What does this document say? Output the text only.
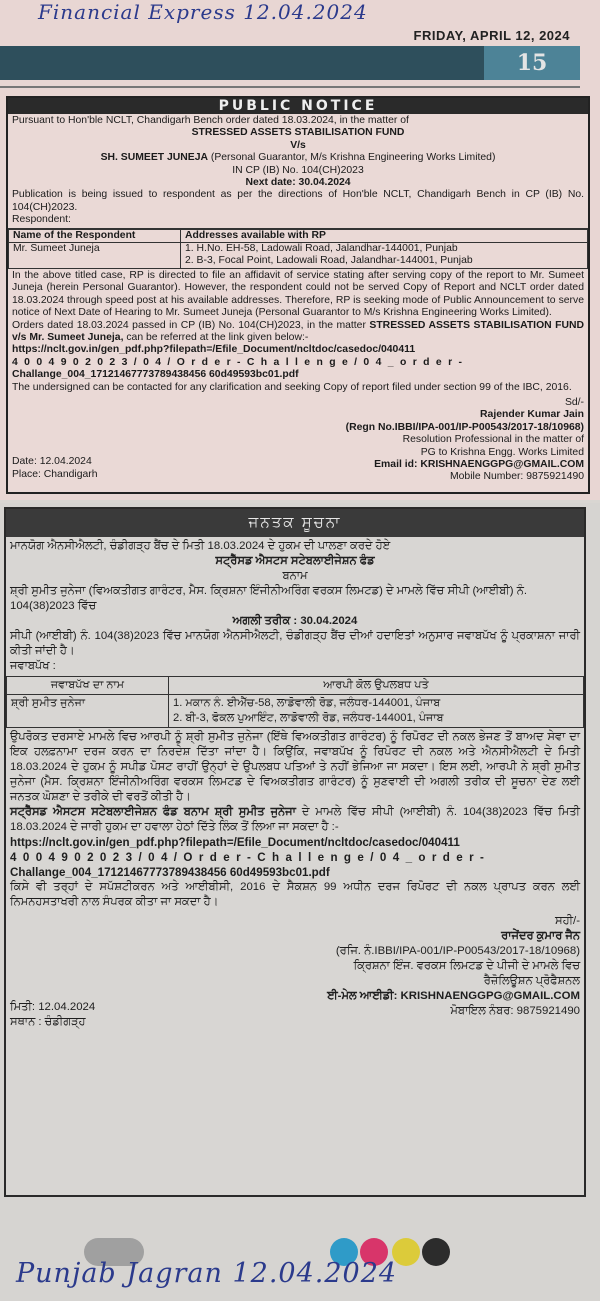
Financial Express 12.04.2024
FRIDAY, APRIL 12, 2024
15
PUBLIC NOTICE
Pursuant to Hon'ble NCLT, Chandigarh Bench order dated 18.03.2024, in the matter of
STRESSED ASSETS STABILISATION FUND
V/s
SH. SUMEET JUNEJA (Personal Guarantor, M/s Krishna Engineering Works Limited)
IN CP (IB) No. 104(CH)2023
Next date: 30.04.2024
Publication is being issued to respondent as per the directions of Hon'ble NCLT, Chandigarh Bench in CP (IB) No. 104(CH)2023.
Respondent:
Name of the Respondent	Addresses available with RP
Mr. Sumeet Juneja	1. H.No. EH-58, Ladowali Road, Jalandhar-144001, Punjab
2. B-3, Focal Point, Ladowali Road, Jalandhar-144001, Punjab
In the above titled case, RP is directed to file an affidavit of service stating after serving copy of the report to Mr. Sumeet Juneja (herein Personal Guarantor). However, the respondent could not be served Copy of Report and NCLT order dated 18.03.2024 through speed post at his available addresses. Therefore, RP is seeking mode of Public Announcement to serve notice of Next Date of Hearing to Mr. Sumeet Juneja (Personal Guarantor to M/s Krishna Engineering Works Limited).
Orders dated 18.03.2024 passed in CP (IB) No. 104(CH)2023, in the matter STRESSED ASSETS STABILISATION FUND v/s Mr. Sumeet Juneja, can be referred at the link given below:-
https://nclt.gov.in/gen_pdf.php?filepath=/Efile_Document/ncltdoc/casedoc/040411
4004902023/04/Order-Challenge/04_order-
Challange_004_17121467773789438456 60d49593bc01.pdf
The undersigned can be contacted for any clarification and seeking Copy of report filed under section 99 of the IBC, 2016.
Sd/-
Rajender Kumar Jain
(Regn No.IBBI/IPA-001/IP-P00543/2017-18/10968)
Resolution Professional in the matter of
PG to Krishna Engg. Works Limited
Email id: KRISHNAENGGPG@GMAIL.COM
Mobile Number: 9875921490
Date: 12.04.2024
Place: Chandigarh
ਜਨਤਕ ਸੂਚਨਾ
ਮਾਨਯੋਗ ਐਨਸੀਐਲਟੀ, ਚੰਡੀਗੜ੍ਹ ਬੈਂਚ ਦੇ ਮਿਤੀ 18.03.2024 ਦੇ ਹੁਕਮ ਦੀ ਪਾਲਣਾ ਕਰਦੇ ਹੋਏ
ਸਟ੍ਰੈੱਸਡ ਐਸਟਸ ਸਟੇਬਲਾਈਜੇਸ਼ਨ ਫੰਡ
ਬਨਾਮ
ਸ਼੍ਰੀ ਸੁਮੀਤ ਜੁਨੇਜਾ (ਵਿਅਕਤੀਗਤ ਗਾਰੰਟਰ, ਮੈਸ. ਕ੍ਰਿਸ਼ਨਾ ਇੰਜੀਨੀਅਰਿੰਗ ਵਰਕਸ ਲਿਮਟਡ) ਦੇ ਮਾਮਲੇ ਵਿੱਚ ਸੀਪੀ (ਆਈਬੀ) ਨੰ. 104(38)2023 ਵਿੱਚ
ਅਗਲੀ ਤਰੀਕ : 30.04.2024
ਸੀਪੀ (ਆਈਬੀ) ਨੰ. 104(38)2023 ਵਿੱਚ ਮਾਨਯੋਗ ਐਨਸੀਐਲਟੀ, ਚੰਡੀਗੜ੍ਹ ਬੈਂਚ ਦੀਆਂ ਹਦਾਇਤਾਂ ਅਨੁਸਾਰ ਜਵਾਬਪੱਖ ਨੂੰ ਪ੍ਰਕਾਸ਼ਨਾ ਜਾਰੀ ਕੀਤੀ ਜਾਂਦੀ ਹੈ।
ਜਵਾਬਪੱਖ :
ਜਵਾਬਪੱਖ ਦਾ ਨਾਮ	ਆਰਪੀ ਕੋਲ ਉਪਲਬਧ ਪਤੇ
ਸ਼੍ਰੀ ਸੁਮੀਤ ਜੁਨੇਜਾ	1. ਮਕਾਨ ਨੰ. ਈਐੱਚ-58, ਲਾਡੋਵਾਲੀ ਰੋਡ, ਜਲੰਧਰ-144001, ਪੰਜਾਬ
2. ਬੀ-3, ਫੋਕਲ ਪੁਆਇੰਟ, ਲਾਡੋਵਾਲੀ ਰੋਡ, ਜਲੰਧਰ-144001, ਪੰਜਾਬ
ਉਪਰੋਕਤ ਦਰਸਾਏ ਮਾਮਲੇ ਵਿਚ ਆਰਪੀ ਨੂੰ ਸ਼੍ਰੀ ਸੁਮੀਤ ਜੁਨੇਜਾ (ਇੱਥੇ ਵਿਅਕਤੀਗਤ ਗਾਰੰਟਰ) ਨੂੰ ਰਿਪੋਰਟ ਦੀ ਨਕਲ ਭੇਜਣ ਤੋਂ ਬਾਅਦ ਸੇਵਾ ਦਾ ਇਕ ਹਲਫ਼ਨਾਮਾ ਦਰਜ ਕਰਨ ਦਾ ਨਿਰਦੇਸ਼ ਦਿੱਤਾ ਜਾਂਦਾ ਹੈ। ਕਿਉਂਕਿ, ਜਵਾਬਪੱਖ ਨੂੰ ਰਿਪੋਰਟ ਦੀ ਨਕਲ ਅਤੇ ਐਨਸੀਐਲਟੀ ਦੇ ਮਿਤੀ 18.03.2024 ਦੇ ਹੁਕਮ ਨੂੰ ਸਪੀਡ ਪੋਸਟ ਰਾਹੀਂ ਉਨ੍ਹਾਂ ਦੇ ਉਪਲਬਧ ਪਤਿਆਂ ਤੇ ਨਹੀਂ ਭੇਜਿਆ ਜਾ ਸਕਦਾ। ਇਸ ਲਈ, ਆਰਪੀ ਨੇ ਸ਼੍ਰੀ ਸੁਮੀਤ ਜੁਨੇਜਾ (ਮੈਸ. ਕ੍ਰਿਸ਼ਨਾ ਇੰਜੀਨੀਅਰਿੰਗ ਵਰਕਸ ਲਿਮਟਡ ਦੇ ਵਿਅਕਤੀਗਤ ਗਾਰੰਟਰ) ਨੂੰ ਸੁਣਵਾਈ ਦੀ ਅਗਲੀ ਤਰੀਕ ਦੀ ਸੂਚਨਾ ਦੇਣ ਲਈ ਜਨਤਕ ਘੋਸ਼ਣਾ ਦੇ ਤਰੀਕੇ ਦੀ ਵਰਤੋਂ ਕੀਤੀ ਹੈ।
ਸਟ੍ਰੈੱਸਡ ਐਸਟਸ ਸਟੇਬਲਾਈਜੇਸ਼ਨ ਫੰਡ ਬਨਾਮ ਸ਼੍ਰੀ ਸੁਮੀਤ ਜੁਨੇਜਾ ਦੇ ਮਾਮਲੇ ਵਿੱਚ ਸੀਪੀ (ਆਈਬੀ) ਨੰ. 104(38)2023 ਵਿੱਚ ਮਿਤੀ 18.03.2024 ਦੇ ਜਾਰੀ ਹੁਕਮ ਦਾ ਹਵਾਲਾ ਹੇਠਾਂ ਦਿੱਤੇ ਲਿੰਕ ਤੋਂ ਲਿਆ ਜਾ ਸਕਦਾ ਹੈ :-
https://nclt.gov.in/gen_pdf.php?filepath=/Efile_Document/ncltdoc/casedoc/040411
4004902023/04/Order-Challenge/04_order-
Challange_004_17121467773789438456 60d49593bc01.pdf
ਕਿਸੇ ਵੀ ਤਰ੍ਹਾਂ ਦੇ ਸਪੱਸ਼ਟੀਕਰਨ ਅਤੇ ਆਈਬੀਸੀ, 2016 ਦੇ ਸੈਕਸ਼ਨ 99 ਅਧੀਨ ਦਰਜ ਰਿਪੋਰਟ ਦੀ ਨਕਲ ਪ੍ਰਾਪਤ ਕਰਨ ਲਈ ਨਿਮਨਹਸਤਾਖਰੀ ਨਾਲ ਸੰਪਰਕ ਕੀਤਾ ਜਾ ਸਕਦਾ ਹੈ।
ਸਹੀ/-
ਰਾਜੇਂਦਰ ਕੁਮਾਰ ਜੈਨ
(ਰਜਿ. ਨੰ.IBBI/IPA-001/IP-P00543/2017-18/10968)
ਕ੍ਰਿਸ਼ਨਾ ਇੰਜ. ਵਰਕਸ ਲਿਮਟਡ ਦੇ ਪੀਜੀ ਦੇ ਮਾਮਲੇ ਵਿਚ
ਰੈਜ਼ੋਲਿਊਸ਼ਨ ਪ੍ਰੋਫੈਸ਼ਨਲ
ਈ-ਮੇਲ ਆਈਡੀ: KRISHNAENGGPG@GMAIL.COM
ਮੋਬਾਇਲ ਨੰਬਰ: 9875921490
ਮਿਤੀ: 12.04.2024
ਸਥਾਨ : ਚੰਡੀਗੜ੍ਹ
Punjab Jagran 12.04.2024
